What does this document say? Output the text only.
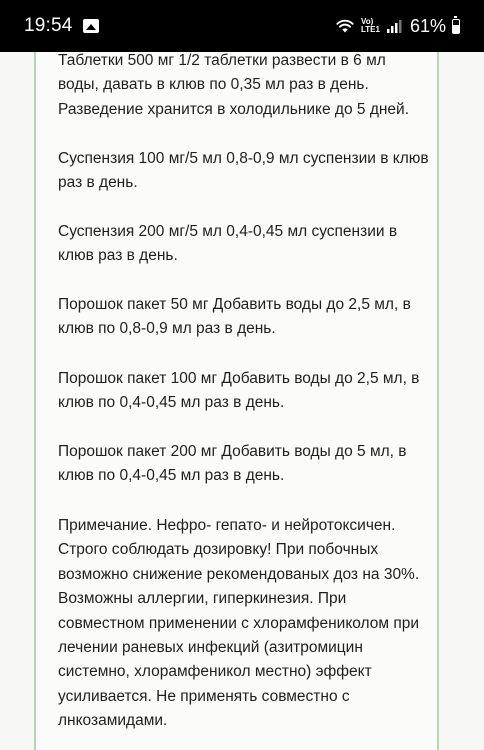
19:54	Vo)
LTE1 61%

Таблетки 500 мг 1/2 таблетки развести в 6 мл
воды, давать в клюв по 0,35 мл раз в день.
Разведение хранится в холодильнике до 5 дней.

Суспензия 100 мг/5 мл 0,8-0,9 мл суспензии в клюв
раз в день.

Суспензия 200 мг/5 мл 0,4-0,45 мл суспензии в
клюв раз в день.

Порошок пакет 50 мг Добавить воды до 2,5 мл, в
клюв по 0,8-0,9 мл раз в день.

Порошок пакет 100 мг Добавить воды до 2,5 мл, в
клюв по 0,4-0,45 мл раз в день.

Порошок пакет 200 мг Добавить воды до 5 мл, в
клюв по 0,4-0,45 мл раз в день.

Примечание. Нефро- гепато- и нейротоксичен.
Строго соблюдать дозировку! При побочных
возможно снижение рекомендованых доз на 30%.
Возможны аллергии, гиперкинезия. При
совместном применении с хлорамфениколом при
лечении раневых инфекций (азитромицин
системно, хлорамфеникол местно) эффект
усиливается. Не применять совместно с
лнкозамидами.
